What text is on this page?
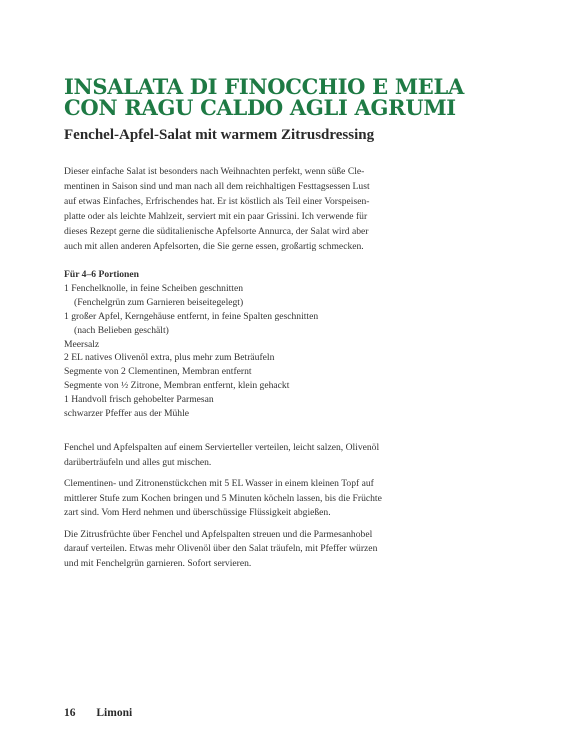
INSALATA DI FINOCCHIO E MELA
CON RAGU CALDO AGLI AGRUMI
Fenchel-Apfel-Salat mit warmem Zitrusdressing
Dieser einfache Salat ist besonders nach Weihnachten perfekt, wenn süße Cle-
mentinen in Saison sind und man nach all dem reichhaltigen Festtagsessen Lust
auf etwas Einfaches, Erfrischendes hat. Er ist köstlich als Teil einer Vorspeisen-
platte oder als leichte Mahlzeit, serviert mit ein paar Grissini. Ich verwende für
dieses Rezept gerne die süditalienische Apfelsorte Annurca, der Salat wird aber
auch mit allen anderen Apfelsorten, die Sie gerne essen, großartig schmecken.
Für 4–6 Portionen
1 Fenchelknolle, in feine Scheiben geschnitten
(Fenchelgrün zum Garnieren beiseitegelegt)
1 großer Apfel, Kerngehäuse entfernt, in feine Spalten geschnitten
(nach Belieben geschält)
Meersalz
2 EL natives Olivenöl extra, plus mehr zum Beträufeln
Segmente von 2 Clementinen, Membran entfernt
Segmente von ½ Zitrone, Membran entfernt, klein gehackt
1 Handvoll frisch gehobelter Parmesan
schwarzer Pfeffer aus der Mühle
Fenchel und Apfelspalten auf einem Servierteller verteilen, leicht salzen, Olivenöl
darüberträufeln und alles gut mischen.
Clementinen- und Zitronenstückchen mit 5 EL Wasser in einem kleinen Topf auf
mittlerer Stufe zum Kochen bringen und 5 Minuten köcheln lassen, bis die Früchte
zart sind. Vom Herd nehmen und überschüssige Flüssigkeit abgießen.
Die Zitrusfrüchte über Fenchel und Apfelspalten streuen und die Parmesanhobel
darauf verteilen. Etwas mehr Olivenöl über den Salat träufeln, mit Pfeffer würzen
und mit Fenchelgrün garnieren. Sofort servieren.
16 Limoni
